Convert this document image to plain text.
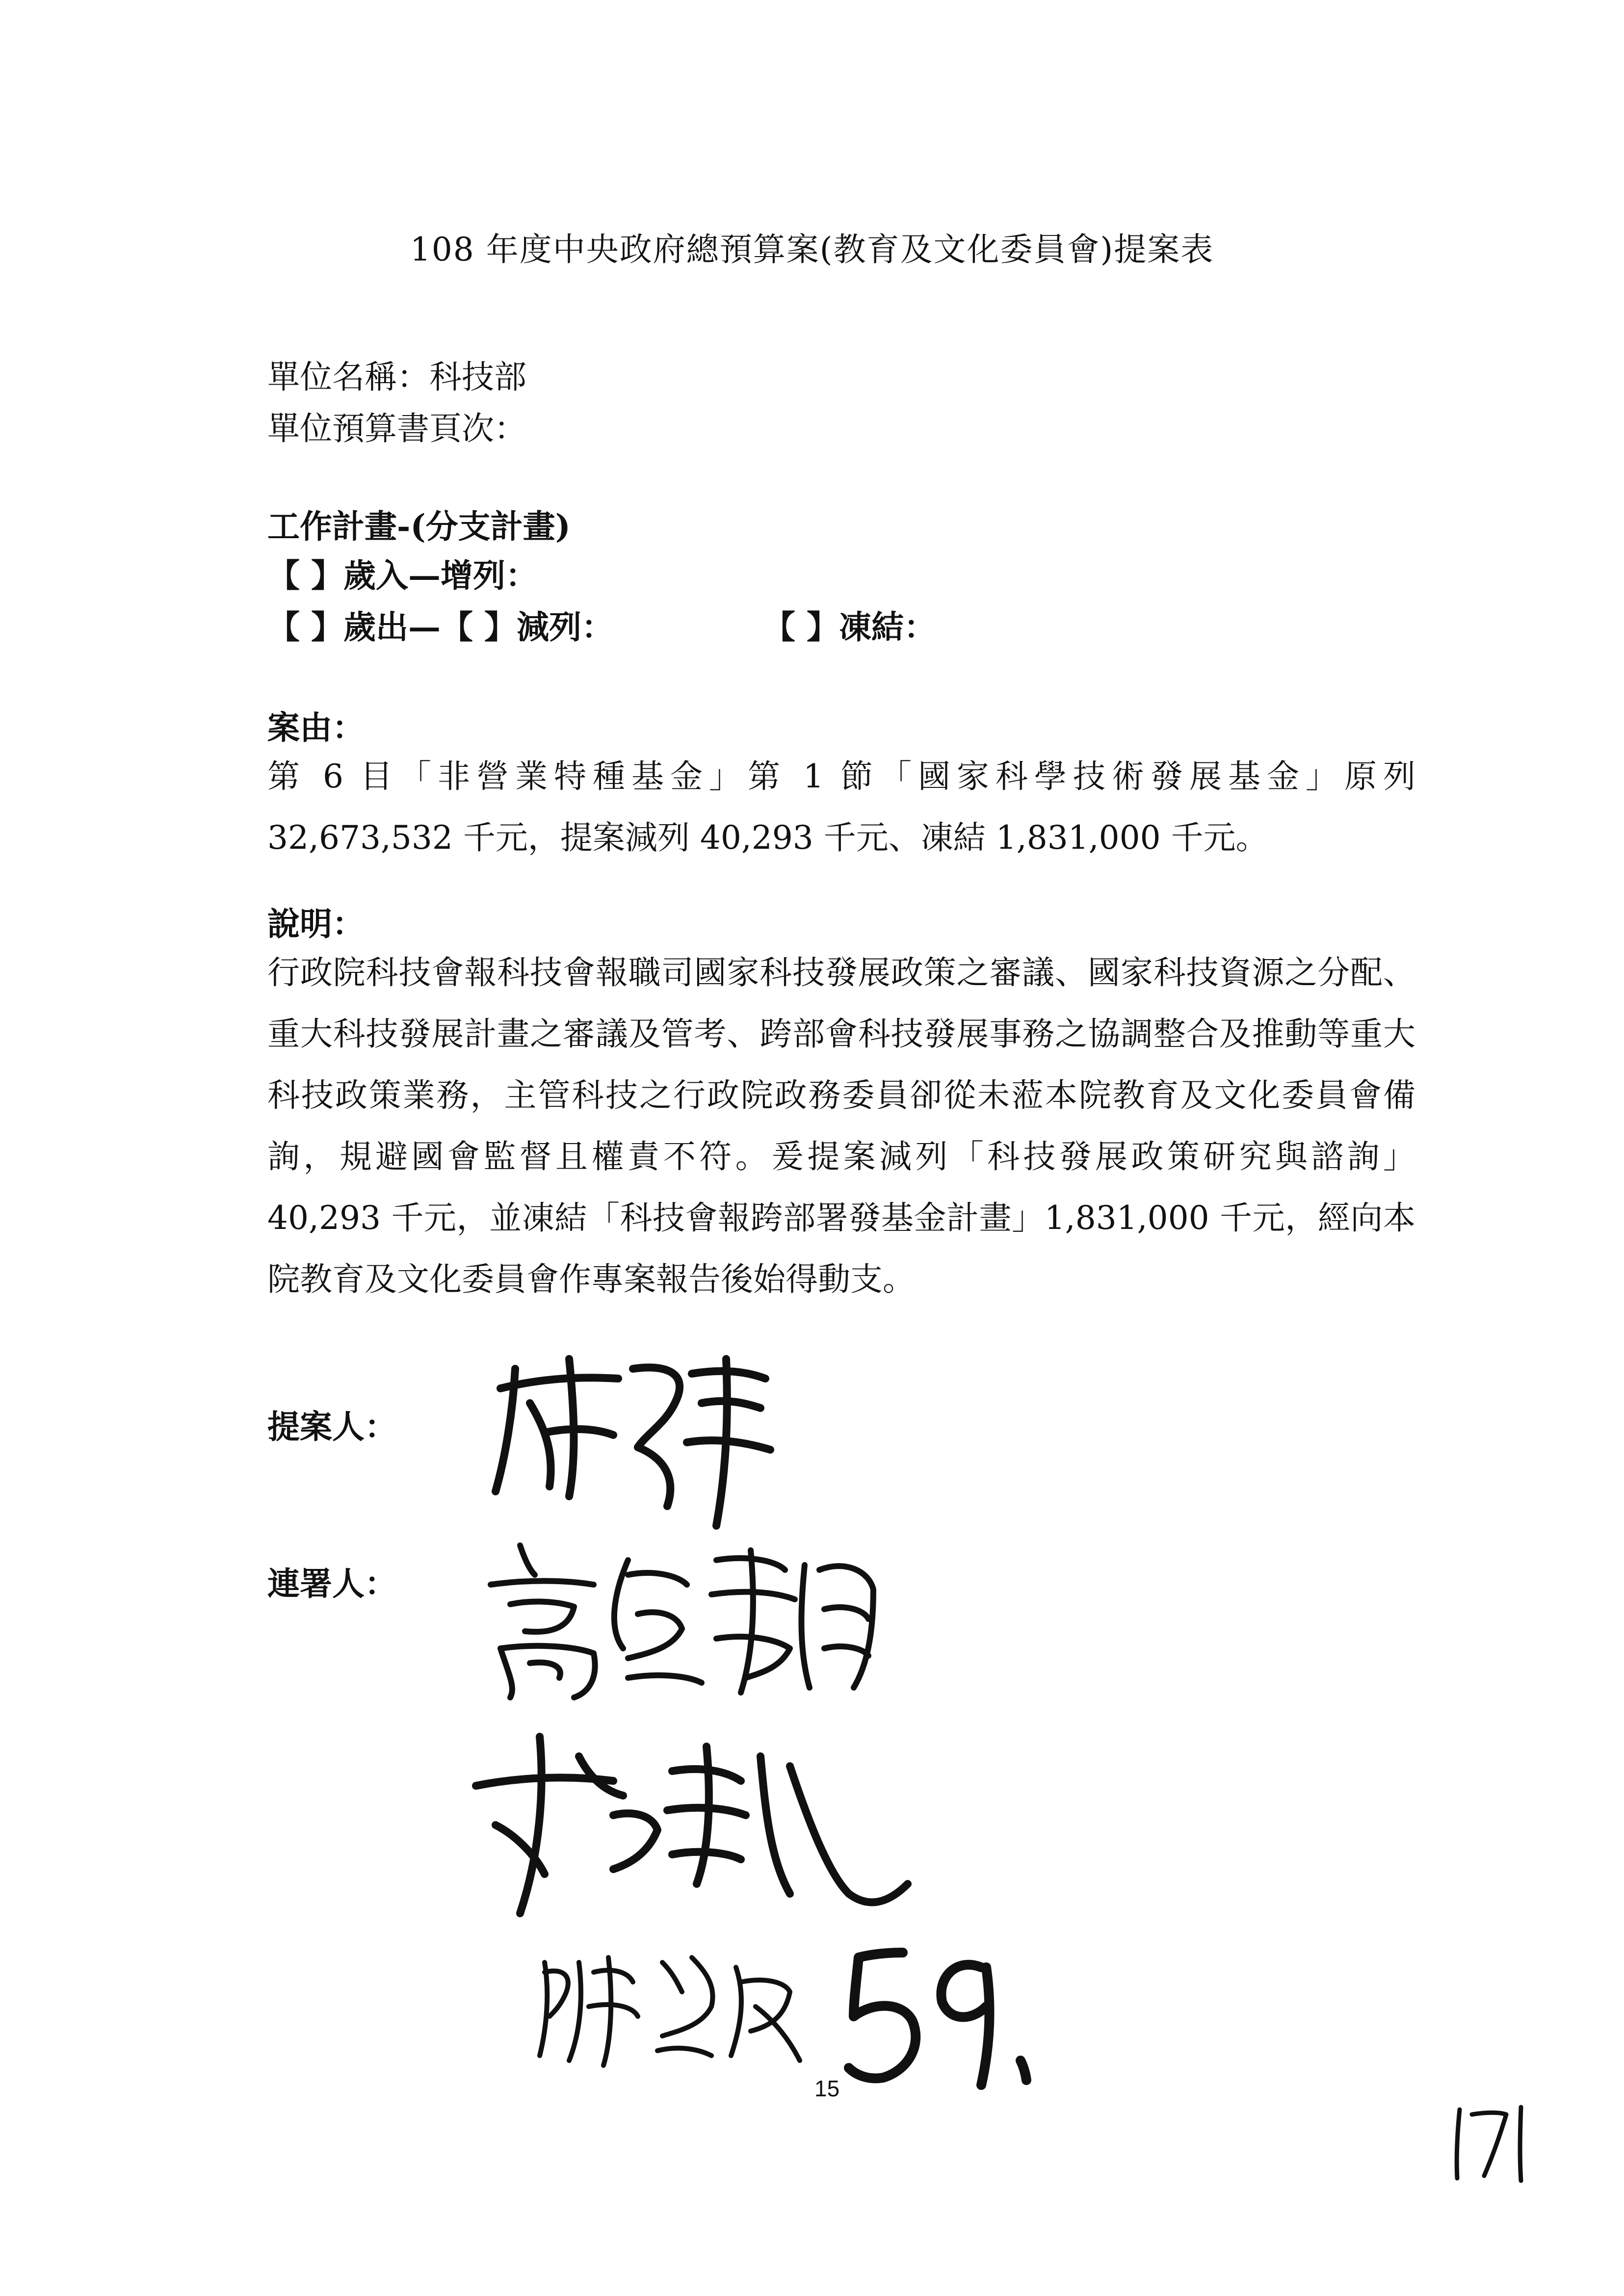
108 年度中央政府總預算案(教育及文化委員會)提案表
單位名稱：科技部
單位預算書頁次：
工作計畫-(分支計畫)
【 】歲入—增列：
【 】歲出—【 】減列：	【 】凍結：
案由：
第 6 目「非營業特種基金」第 1 節「國家科學技術發展基金」原列 32,673,532 千元，提案減列 40,293 千元、凍結 1,831,000 千元。
說明：
行政院科技會報科技會報職司國家科技發展政策之審議、國家科技資源之分配、重大科技發展計畫之審議及管考、跨部會科技發展事務之協調整合及推動等重大科技政策業務，主管科技之行政院政務委員卻從未蒞本院教育及文化委員會備詢，規避國會監督且權責不符。爰提案減列「科技發展政策研究與諮詢」40,293 千元，並凍結「科技會報跨部署發基金計畫」1,831,000 千元，經向本院教育及文化委員會作專案報告後始得動支。
提案人：
連署人：
15
